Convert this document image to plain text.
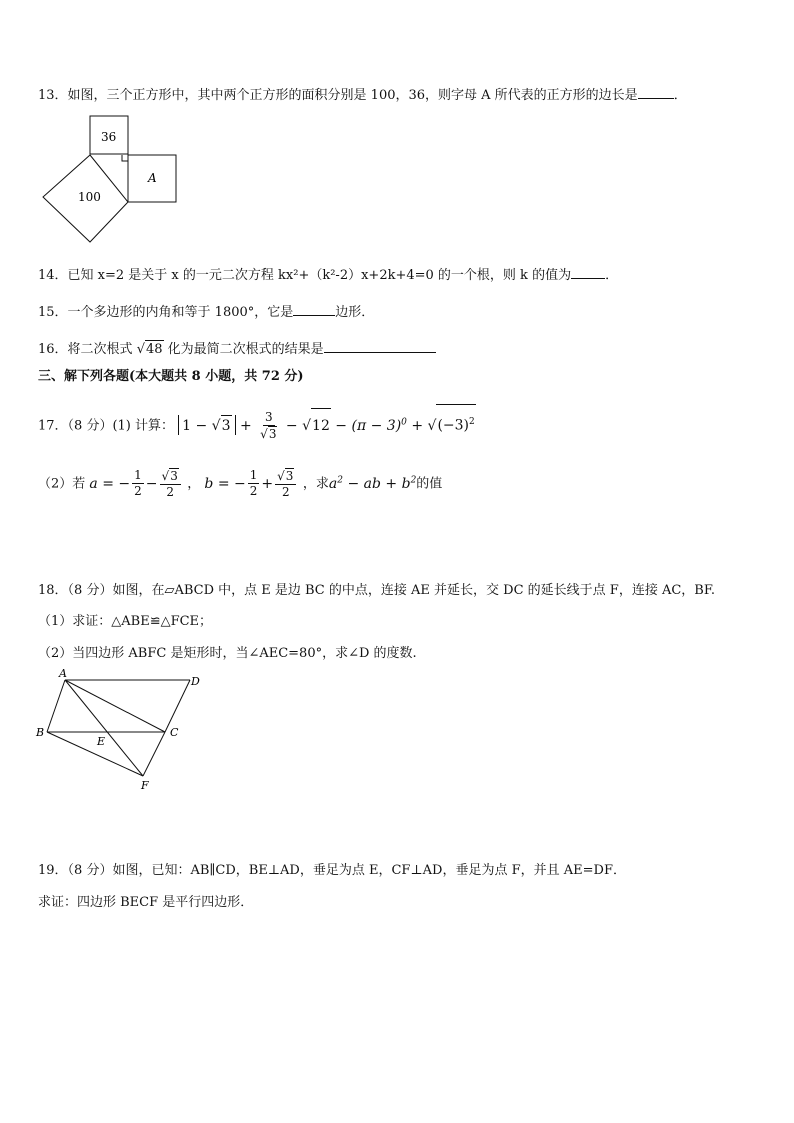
13．如图，三个正方形中，其中两个正方形的面积分别是 100，36，则字母 A 所代表的正方形的边长是	．
36
A
100
14．已知 x=2 是关于 x 的一元二次方程 kx²+（k²-2）x+2k+4=0 的一个根，则 k 的值为	．
15．一个多边形的内角和等于 1800°，它是	边形．
16．将二次根式 √48 化为最简二次根式的结果是
三、解下列各题(本大题共 8 小题，共 72 分)
17．（8 分）(1) 计算： $1 - √3 + \frac{3}{√3} - √12 - (\pi - 3)^0 + √(-3)^2$
（2）若 a = − $\frac{1}{2} - \frac{√3}{2}$ ， b = − $\frac{1}{2} + \frac{√3}{2}$ ，求$a^2$ − ab + $b^2$的值
18．（8 分）如图，在▱ABCD 中，点 E 是边 BC 的中点，连接 AE 并延长，交 DC 的延长线于点 F，连接 AC，BF.
（1）求证：△ABE≌△FCE；
（2）当四边形 ABFC 是矩形时，当∠AEC=80°，求∠D 的度数.
A
D
B	C
E
F
19．（8 分）如图，已知：AB∥CD，BE⊥AD，垂足为点 E，CF⊥AD，垂足为点 F，并且 AE=DF．
求证：四边形 BECF 是平行四边形．
